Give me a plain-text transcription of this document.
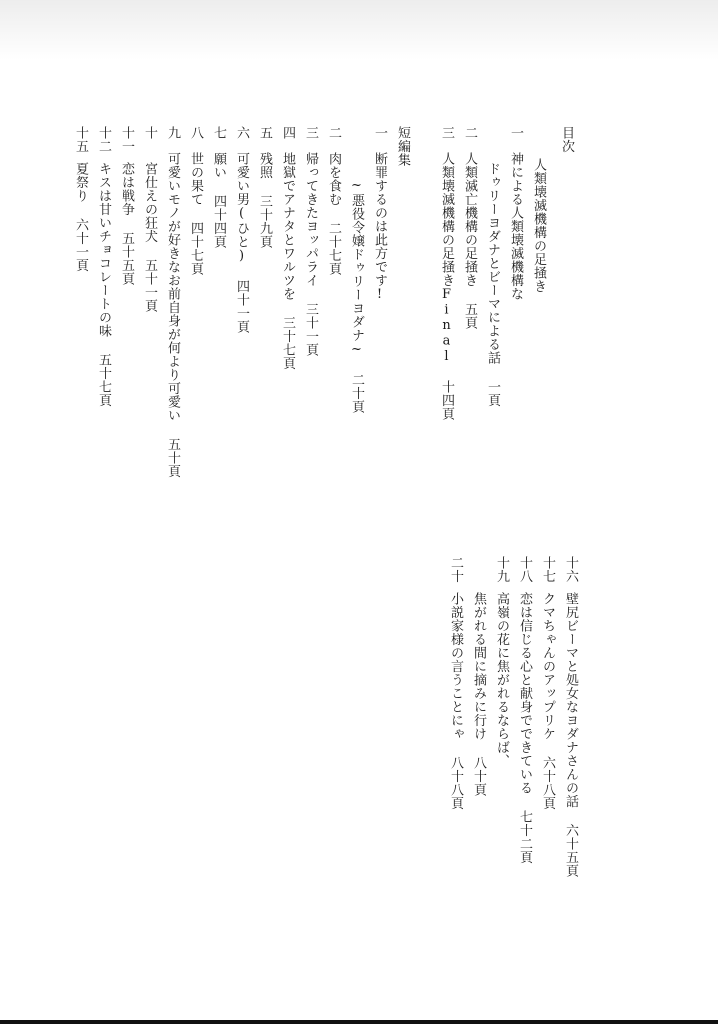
目次
人類壊滅機構の足掻き
一神による人類壊滅機構な
ドゥリーヨダナとビーマによる話 一頁
二人類滅亡機構の足掻き 五頁
三人類壊滅機構の足掻きFinal 十四頁
短編集
一断罪するのは此方です!
~悪役令嬢ドゥリーヨダナ~ 二十頁
二肉を食む 二十七頁
三帰ってきたヨッパライ 三十一頁
四地獄でアナタとワルツを 三十七頁
五残照 三十九頁
六可愛い男(ひと) 四十一頁
七願い 四十四頁
八世の果て 四十七頁
九可愛いモノが好きなお前自身が何より可愛い 五十頁
十宮仕えの狂犬 五十一頁
十一恋は戦争 五十五頁
十二キスは甘いチョコレートの味 五十七頁
十五夏祭り 六十一頁
十六壁尻ビーマと処女なヨダナさんの話 六十五頁
十七クマちゃんのアップリケ 六十八頁
十八恋は信じる心と献身でできている 七十二頁
十九高嶺の花に焦がれるならば、
焦がれる間に摘みに行け 八十頁
二十小説家様の言うことにゃ 八十八頁
